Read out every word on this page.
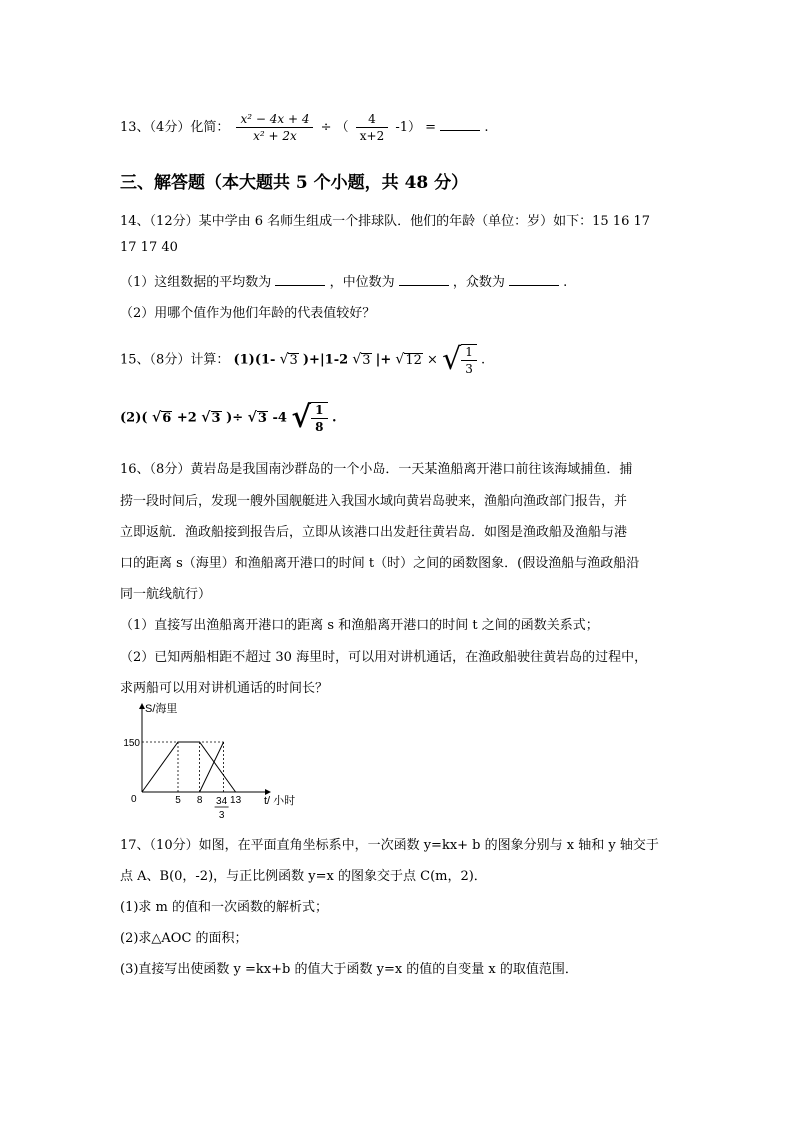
13、（4分）化简： $\frac{\text{x² − 4x + 4}}{\text{x² + 2x}}$ ÷ （ $\frac{4}{x+2} -1$） =	.
三、解答题（本大题共 5 个小题，共 48 分）
14、（12分）某中学由 6 名师生组成一个排球队．他们的年龄（单位：岁）如下：15 16 17
17 17 40
（1）这组数据的平均数为	，中位数为	，众数为	.
（2）用哪个值作为他们年龄的代表值较好？
15、（8分）计算： (1)(1- √3 )+|1-2 √3 |+ √12 × √ $\frac{1}{3}$ .
(2)( √6 +2 √3 )÷ √3 -4 √ $\frac{1}{8}$ .
16、（8分）黄岩岛是我国南沙群岛的一个小岛．一天某渔船离开港口前往该海域捕鱼．捕
捞一段时间后，发现一艘外国舰艇进入我国水域向黄岩岛驶来，渔船向渔政部门报告，并
立即返航．渔政船接到报告后，立即从该港口出发赶往黄岩岛．如图是渔政船及渔船与港
口的距离 s（海里）和渔船离开港口的时间 t（时）之间的函数图象．(假设渔船与渔政船沿
同一航线航行）
（1）直接写出渔船离开港口的距离 s 和渔船离开港口的时间 t 之间的函数关系式；
（2）已知两船相距不超过 30 海里时，可以用对讲机通话，在渔政船驶往黄岩岛的过程中，
求两船可以用对讲机通话的时间长？
S/海里
t/ 小时
0
150
5 8	13
34
3
17、（10分）如图，在平面直角坐标系中，一次函数 y=kx+ b 的图象分别与 x 轴和 y 轴交于
点 A、B(0，-2)，与正比例函数 y=x 的图象交于点 C(m，2)．
(1)求 m 的值和一次函数的解析式；
(2)求△AOC 的面积；
(3)直接写出使函数 y =kx+b 的值大于函数 y=x 的值的自变量 x 的取值范围．
